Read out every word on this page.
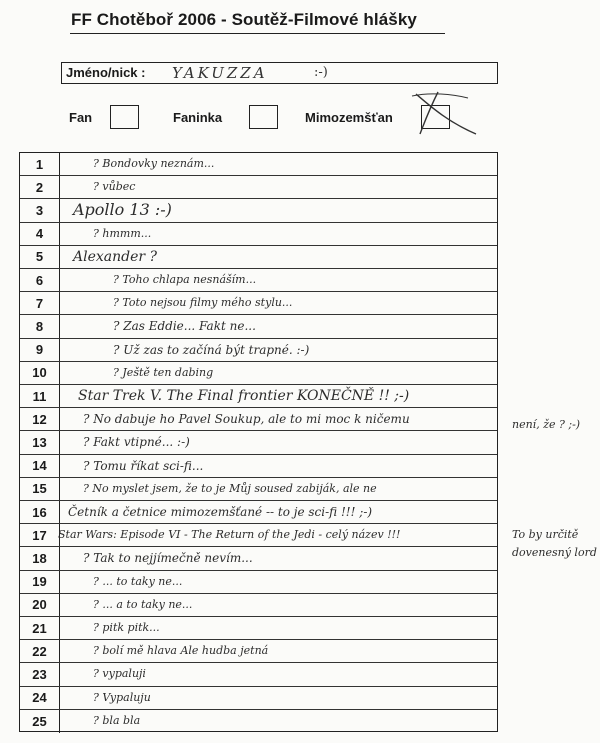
FF Chotěboř 2006 - Soutěž-Filmové hlášky
Jméno/nick : YAKUZZA	:-)
Fan	Faninka	Mimozemšťan
1	? Bondovky neznám...
2	? vůbec
3	Apollo 13 :-)
4	? hmmm...
5	Alexander ?
6	? Toho chlapa nesnáším...
7	? Toto nejsou filmy mého stylu...
8	? Zas Eddie... Fakt ne...
9	? Už zas to začíná být trapné. :-)
10	? Ještě ten dabing
11	Star Trek V. The Final frontier KONEČNĚ !! ;-)
12	? No dabuje ho Pavel Soukup, ale to mi moc k ničemu
13	? Fakt vtipné... :-)
14	? Tomu říkat sci-fi...
15	? No myslet jsem, že to je Můj soused zabiják, ale ne
16	Četník a četnice mimozemšťané -- to je sci-fi !!! ;-)
17	Star Wars: Episode VI - The Return of the Jedi - celý název !!!
18	? Tak to nejjímečně nevím...
19	? ... to taky ne...
20	? ... a to taky ne...
21	? pitk pitk...
22	? bolí mě hlava Ale hudba jetná
23	? vypaluji
24	? Vypaluju
25	? bla bla
není, že ? ;-)
To by určitě
dovenesný lord
